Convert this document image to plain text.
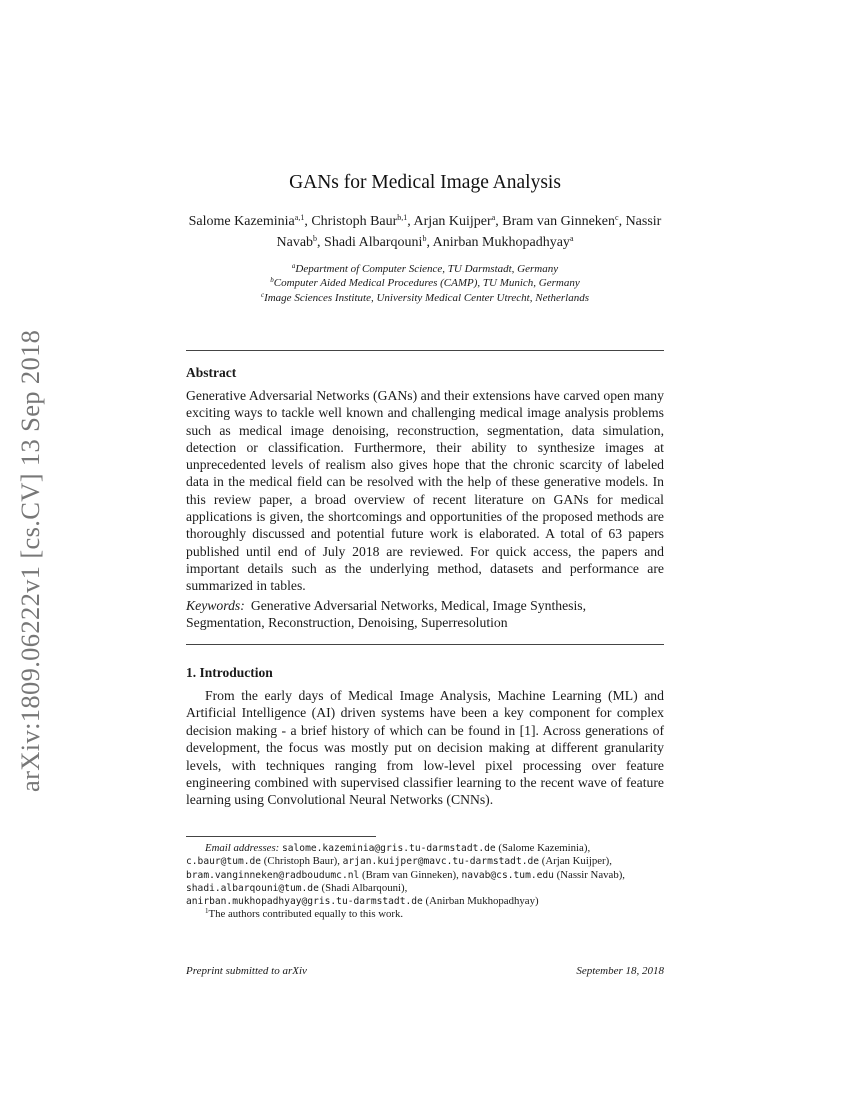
arXiv:1809.06222v1 [cs.CV] 13 Sep 2018
GANs for Medical Image Analysis
Salome Kazeminia$^{a,1}$, Christoph Baur$^{b,1}$, Arjan Kuijper$^a$, Bram van Ginneken$^c$, Nassir Navab$^b$, Shadi Albarqouni$^b$, Anirban Mukhopadhyay$^a$
$^a$Department of Computer Science, TU Darmstadt, Germany
$^b$Computer Aided Medical Procedures (CAMP), TU Munich, Germany
$^c$Image Sciences Institute, University Medical Center Utrecht, Netherlands
Abstract
Generative Adversarial Networks (GANs) and their extensions have carved open many exciting ways to tackle well known and challenging medical image analysis problems such as medical image denoising, reconstruction, segmentation, data simulation, detection or classification. Furthermore, their ability to synthesize images at unprecedented levels of realism also gives hope that the chronic scarcity of labeled data in the medical field can be resolved with the help of these generative models. In this review paper, a broad overview of recent literature on GANs for medical applications is given, the shortcomings and opportunities of the proposed methods are thoroughly discussed and potential future work is elaborated. A total of 63 papers published until end of July 2018 are reviewed. For quick access, the papers and important details such as the underlying method, datasets and performance are summarized in tables.
Keywords: Generative Adversarial Networks, Medical, Image Synthesis, Segmentation, Reconstruction, Denoising, Superresolution
1. Introduction
From the early days of Medical Image Analysis, Machine Learning (ML) and Artificial Intelligence (AI) driven systems have been a key component for complex decision making - a brief history of which can be found in [1]. Across generations of development, the focus was mostly put on decision making at different granularity levels, with techniques ranging from low-level pixel processing over feature engineering combined with supervised classifier learning to the recent wave of feature learning using Convolutional Neural Networks (CNNs).
Email addresses: salome.kazeminia@gris.tu-darmstadt.de (Salome Kazeminia),
c.baur@tum.de (Christoph Baur), arjan.kuijper@mavc.tu-darmstadt.de (Arjan Kuijper),
bram.vanginneken@radboudumc.nl (Bram van Ginneken), navab@cs.tum.edu (Nassir Navab),
shadi.albarqouni@tum.de (Shadi Albarqouni),
anirban.mukhopadhyay@gris.tu-darmstadt.de (Anirban Mukhopadhyay)
$^1$The authors contributed equally to this work.
Preprint submitted to arXiv	September 18, 2018
